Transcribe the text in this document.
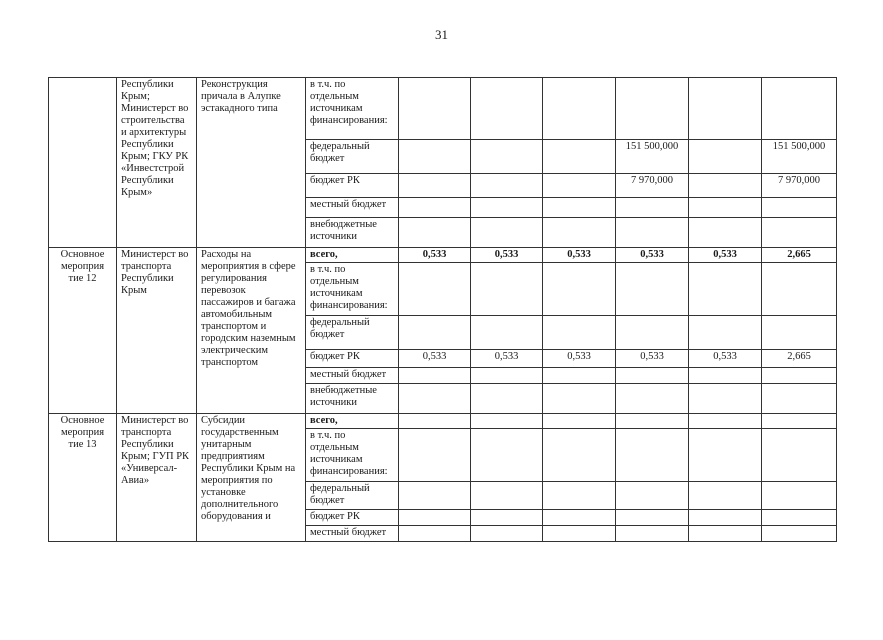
31
	Республики Крым; Министерст во строительства и архитектуры Республики Крым; ГКУ РК «Инвестстрой Республики Крым»	Реконструкция причала в Алупке эстакадного типа	в т.ч. по отдельным источникам финансирования:						
			федеральный бюджет				151 500,000		151 500,000
			бюджет РК				7 970,000		7 970,000
			местный бюджет						
			внебюджетные источники						
Основное мероприя тие 12	Министерст во транспорта Республики Крым	Расходы на мероприятия в сфере регулирования перевозок пассажиров и багажа автомобильным транспортом и городским наземным электрическим транспортом	всего,	0,533	0,533	0,533	0,533	0,533	2,665
			в т.ч. по отдельным источникам финансирования:						
			федеральный бюджет						
			бюджет РК	0,533	0,533	0,533	0,533	0,533	2,665
			местный бюджет						
			внебюджетные источники						
Основное мероприя тие 13	Министерст во транспорта Республики Крым; ГУП РК «Универсал-Авиа»	Субсидии государственным унитарным предприятиям Республики Крым на мероприятия по установке дополнительного оборудования и	всего,						
			в т.ч. по отдельным источникам финансирования:						
			федеральный бюджет						
			бюджет РК						
			местный бюджет						
